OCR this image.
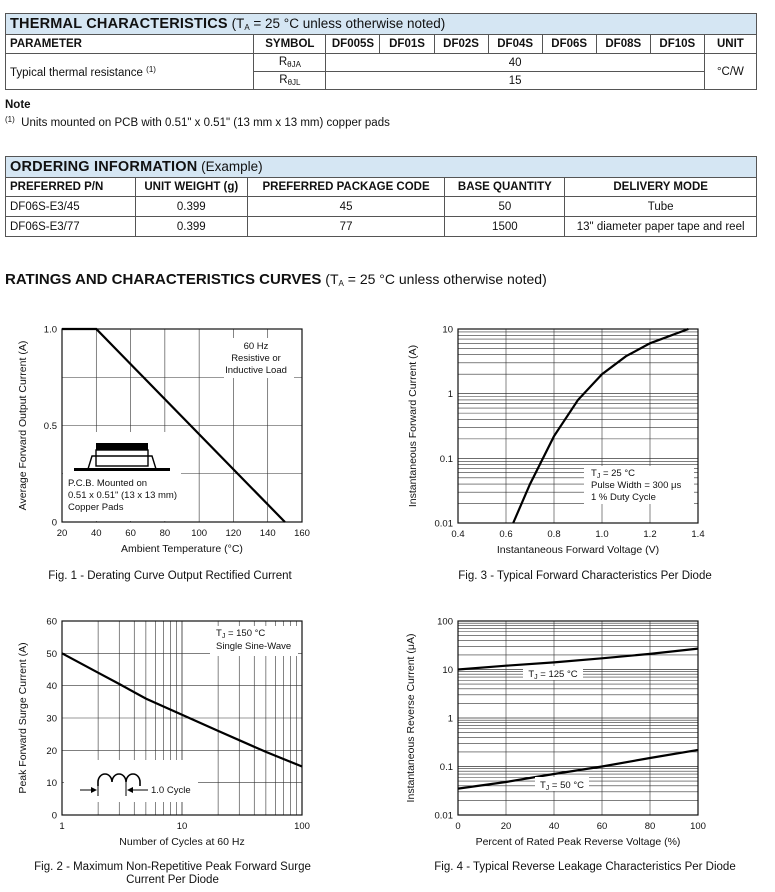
THERMAL CHARACTERISTICS ($T_A = 25$ °C unless otherwise noted)									
PARAMETER	SYMBOL	DF005S	DF01S	DF02S	DF04S	DF06S	DF08S	DF10S	UNIT
Typical thermal resistance $^{(1)}$	$R_{\theta JA}$	40							°C/W
	$R_{\theta JL}$	15							
Note
$^{(1)}$ Units mounted on PCB with 0.51" x 0.51" (13 mm x 13 mm) copper pads
ORDERING INFORMATION (Example)				
PREFERRED P/N	UNIT WEIGHT (g)	PREFERRED PACKAGE CODE	BASE QUANTITY	DELIVERY MODE
DF06S-E3/45	0.399	45	50	Tube
DF06S-E3/77	0.399	77	1500	13" diameter paper tape and reel
RATINGS AND CHARACTERISTICS CURVES ($T_A = 25$ °C unless otherwise noted)
20 40 60 80 100 120 140 160
0
0.5
1.0
Ambient Temperature (°C)
Average Forward Output Current (A)	60 Hz
Resistive or
Inductive Load
P.C.B. Mounted on
0.51 x 0.51" (13 x 13 mm)
Copper Pads
0.4	0.6	0.8	1.0	1.2	1.4
0.01
0.1
1
10
Instantaneous Forward Voltage (V)
Instantaneous Forward Current (A)	$T_J = 25$ °C
Pulse Width = 300 μs
1 % Duty Cycle
1	10	100
0
10
20
30
40
50
60
Number of Cycles at 60 Hz
Peak Forward Surge Current (A)
$T_J = 150$ °C
Single Sine-Wave
1.0 Cycle
0	20	40	60	80	100
0.01
0.1
1
10
100
Percent of Rated Peak Reverse Voltage (%)
Instantaneous Reverse Current (μA)	$T_J = 125$ °C
$T_J = 50$ °C
Fig. 1 - Derating Curve Output Rectified Current	Fig. 3 - Typical Forward Characteristics Per Diode
Fig. 2 - Maximum Non-Repetitive Peak Forward Surge
Current Per Diode
Fig. 4 - Typical Reverse Leakage Characteristics Per Diode
